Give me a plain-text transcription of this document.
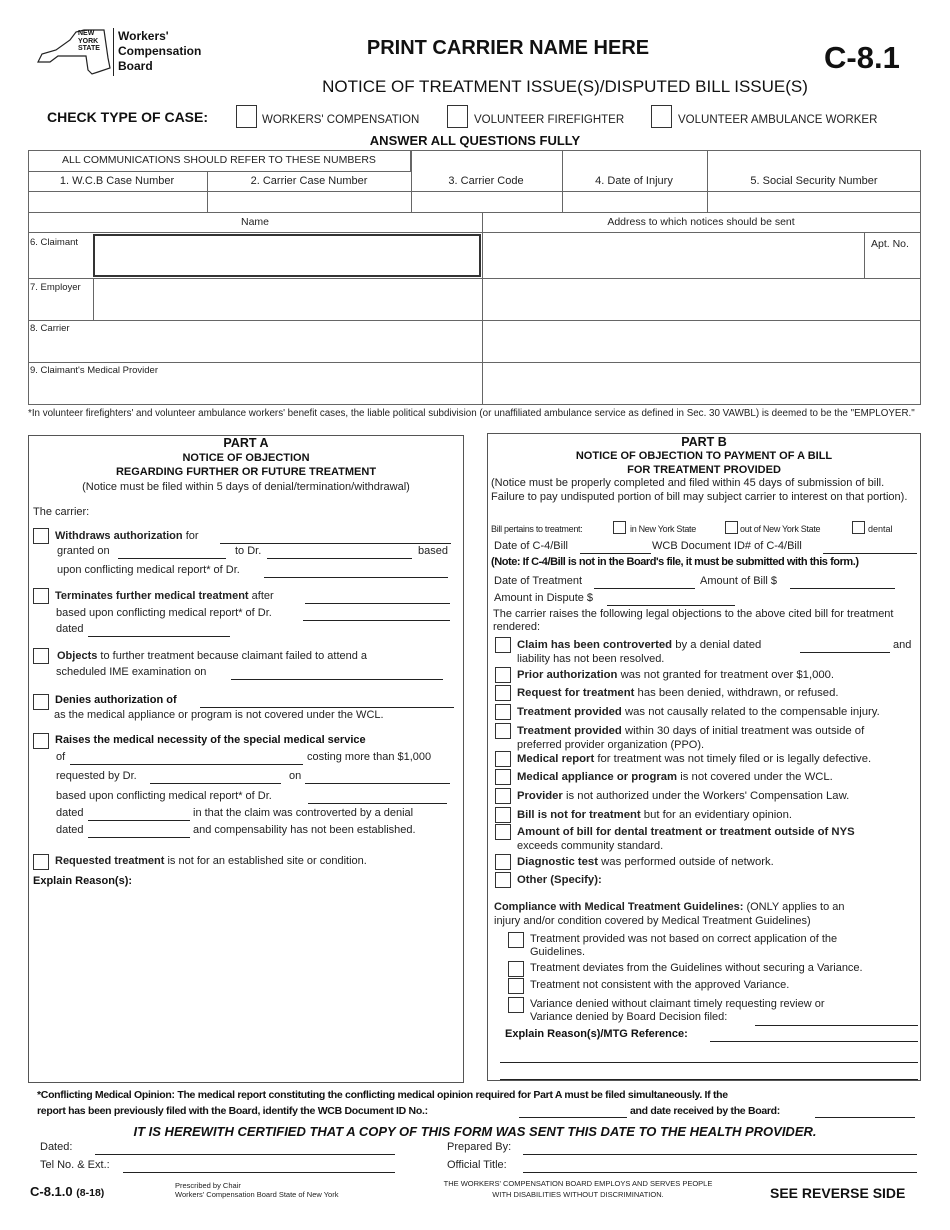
NEW YORK STATE
Workers'
Compensation
Board
PRINT CARRIER NAME HERE	C-8.1
NOTICE OF TREATMENT ISSUE(S)/DISPUTED BILL ISSUE(S)
CHECK TYPE OF CASE:	WORKERS' COMPENSATION	VOLUNTEER FIREFIGHTER	VOLUNTEER AMBULANCE WORKER
ANSWER ALL QUESTIONS FULLY
ALL COMMUNICATIONS SHOULD REFER TO THESE NUMBERS
1. W.C.B Case Number	2. Carrier Case Number	3. Carrier Code	4. Date of Injury	5. Social Security Number
Name	Address to which notices should be sent
6. Claimant	Apt. No.
7. Employer
8. Carrier
9. Claimant's Medical Provider
*In volunteer firefighters' and volunteer ambulance workers' benefit cases, the liable political subdivision (or unaffiliated ambulance service as defined in Sec. 30 VAWBL) is deemed to be the "EMPLOYER."
PART A
NOTICE OF OBJECTION
REGARDING FURTHER OR FUTURE TREATMENT
(Notice must be filed within 5 days of denial/termination/withdrawal)
The carrier:
Withdraws authorization for
granted on	to Dr.	based
upon conflicting medical report* of Dr.
Terminates further medical treatment after
based upon conflicting medical report* of Dr.
dated
Objects to further treatment because claimant failed to attend a
scheduled IME examination on
Denies authorization of
as the medical appliance or program is not covered under the WCL.
Raises the medical necessity of the special medical service
of	costing more than $1,000
requested by Dr.	on
based upon conflicting medical report* of Dr.
dated	in that the claim was controverted by a denial
dated	and compensability has not been established.
Requested treatment is not for an established site or condition.
Explain Reason(s):
PART B
NOTICE OF OBJECTION TO PAYMENT OF A BILL
FOR TREATMENT PROVIDED
(Notice must be properly completed and filed within 45 days of submission of bill. Failure to pay undisputed portion of bill may subject carrier to interest on that portion).
Bill pertains to treatment:	in New York State	out of New York State	dental
Date of C-4/Bill	WCB Document ID# of C-4/Bill
(Note: If C-4/Bill is not in the Board's file, it must be submitted with this form.)
Date of Treatment	Amount of Bill $
Amount in Dispute $
The carrier raises the following legal objections to the above cited bill for treatment rendered:
Claim has been controverted by a denial dated
liability has not been resolved.
Prior authorization was not granted for treatment over $1,000.
Request for treatment has been denied, withdrawn, or refused.
Treatment provided was not causally related to the compensable injury.
Treatment provided within 30 days of initial treatment was outside of
preferred provider organization (PPO).
Medical report for treatment was not timely filed or is legally defective.
Medical appliance or program is not covered under the WCL.
Provider is not authorized under the Workers' Compensation Law.
Bill is not for treatment but for an evidentiary opinion.
Amount of bill for dental treatment or treatment outside of NYS
exceeds community standard.
Diagnostic test was performed outside of network.
Other (Specify):
and
Compliance with Medical Treatment Guidelines: (ONLY applies to an
injury and/or condition covered by Medical Treatment Guidelines)
Treatment provided was not based on correct application of the
Guidelines.
Treatment deviates from the Guidelines without securing a Variance.
Treatment not consistent with the approved Variance.
Variance denied without claimant timely requesting review or
Variance denied by Board Decision filed:
Explain Reason(s)/MTG Reference:
*Conflicting Medical Opinion: The medical report constituting the conflicting medical opinion required for Part A must be filed simultaneously. If the
report has been previously filed with the Board, identify the WCB Document ID No.:	and date received by the Board:
IT IS HEREWITH CERTIFIED THAT A COPY OF THIS FORM WAS SENT THIS DATE TO THE HEALTH PROVIDER.
Dated:	Prepared By:
Tel No. & Ext.:	Official Title:
C-8.1.0 (8-18)
Prescribed by Chair
Workers' Compensation Board State of New York
THE WORKERS' COMPENSATION BOARD EMPLOYS AND SERVES PEOPLE
WITH DISABILITIES WITHOUT DISCRIMINATION.	SEE REVERSE SIDE
